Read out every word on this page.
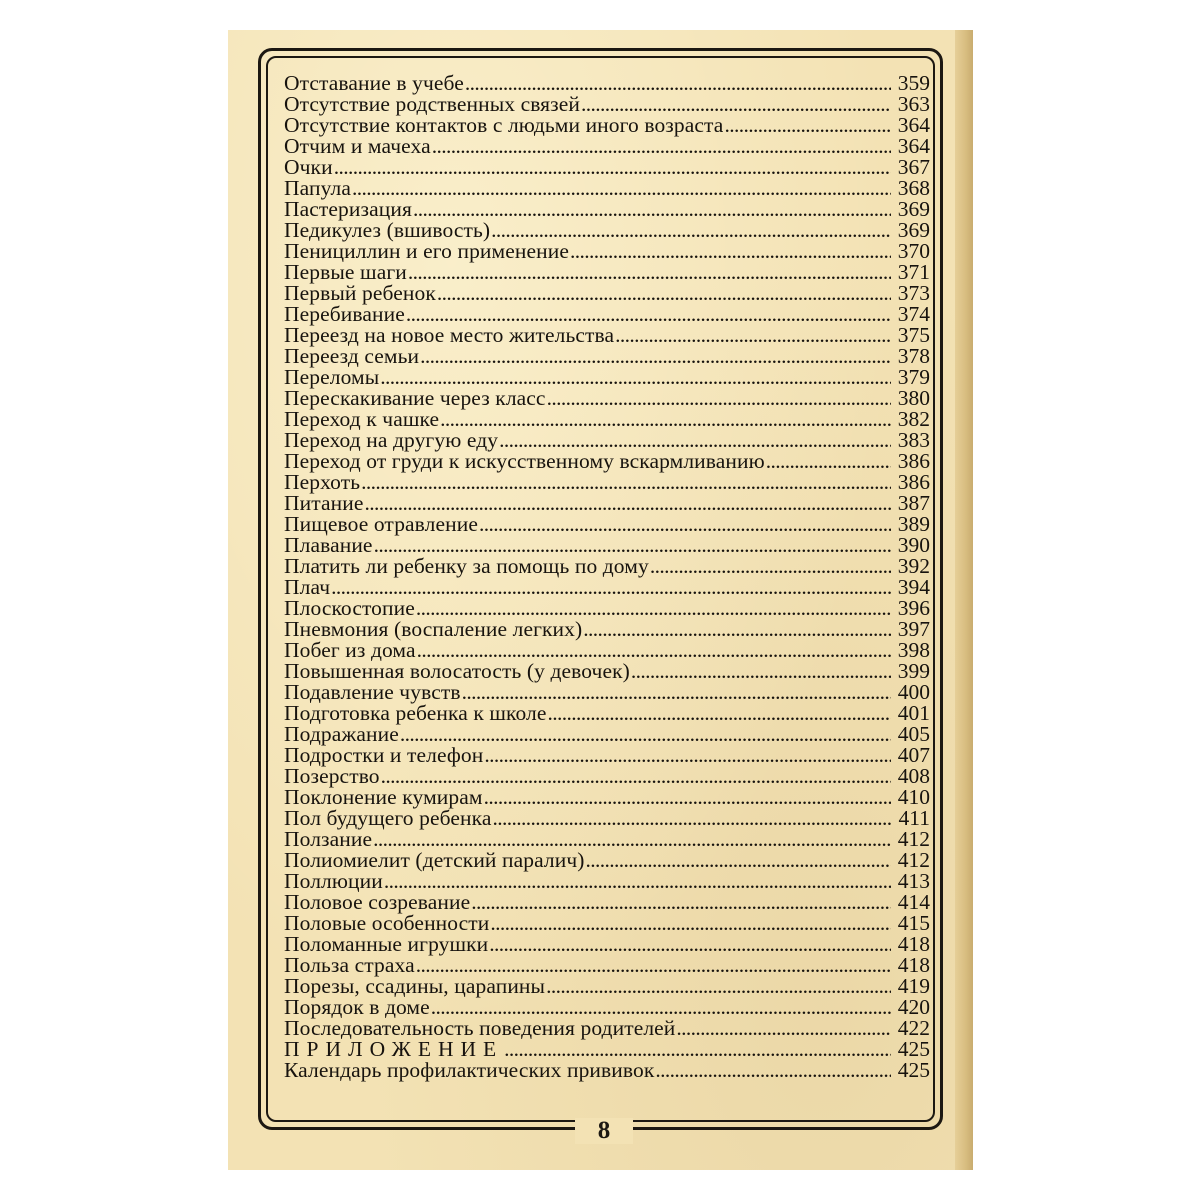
8
Отставание в учебе . . .	359
Отсутствие родственных связей . . .	363
Отсутствие контактов с людьми иного возраста . . .	364
Отчим и мачеха . . .	364
Очки . . .	367
Папула . . .	368
Пастеризация . . .	369
Педикулез (вшивость) . . .	369
Пенициллин и его применение . . .	370
Первые шаги . . .	371
Первый ребенок . . .	373
Перебивание . . .	374
Переезд на новое место жительства . . .	375
Переезд семьи . . .	378
Переломы . . .	379
Перескакивание через класс . . .	380
Переход к чашке . . .	382
Переход на другую еду . . .	383
Переход от груди к искусственному вскармливанию . . .	386
Перхоть . . .	386
Питание . . .	387
Пищевое отравление . . .	389
Плавание . . .	390
Платить ли ребенку за помощь по дому . . .	392
Плач . . .	394
Плоскостопие . . .	396
Пневмония (воспаление легких) . . .	397
Побег из дома . . .	398
Повышенная волосатость (у девочек) . . .	399
Подавление чувств . . .	400
Подготовка ребенка к школе . . .	401
Подражание . . .	405
Подростки и телефон . . .	407
Позерство . . .	408
Поклонение кумирам . . .	410
Пол будущего ребенка . . .	411
Ползание . . .	412
Полиомиелит (детский паралич) . . .	412
Поллюции . . .	413
Половое созревание . . .	414
Половые особенности . . .	415
Поломанные игрушки . . .	418
Польза страха . . .	418
Порезы, ссадины, царапины . . .	419
Порядок в доме . . .	420
Последовательность поведения родителей . . .	422
ПРИЛОЖЕНИЕ . . .	425
Календарь профилактических прививок . . .	425
